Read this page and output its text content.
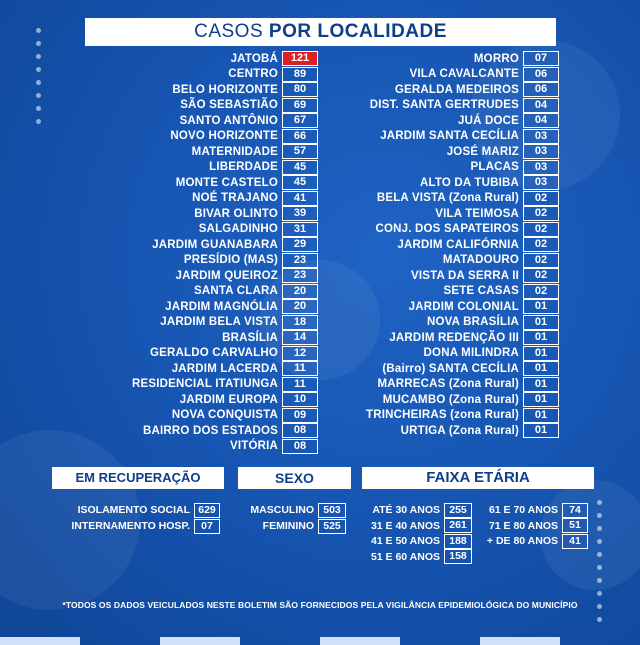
CASOS POR LOCALIDADE
JATOBÁ	121
CENTRO	89
BELO HORIZONTE	80
SÃO SEBASTIÃO	69
SANTO ANTÔNIO	67
NOVO HORIZONTE	66
MATERNIDADE	57
LIBERDADE	45
MONTE CASTELO	45
NOÉ TRAJANO	41
BIVAR OLINTO	39
SALGADINHO	31
JARDIM GUANABARA	29
PRESÍDIO (MAS)	23
JARDIM QUEIROZ	23
SANTA CLARA	20
JARDIM MAGNÓLIA	20
JARDIM BELA VISTA	18
BRASÍLIA	14
GERALDO CARVALHO	12
JARDIM LACERDA	11
RESIDENCIAL ITATIUNGA	11
JARDIM EUROPA	10
NOVA CONQUISTA	09
BAIRRO DOS ESTADOS	08
VITÓRIA	08
MORRO	07
VILA CAVALCANTE	06
GERALDA MEDEIROS	06
DIST. SANTA GERTRUDES	04
JUÁ DOCE	04
JARDIM SANTA CECÍLIA	03
JOSÉ MARIZ	03
PLACAS	03
ALTO DA TUBIBA	03
BELA VISTA (Zona Rural)	02
VILA TEIMOSA	02
CONJ. DOS SAPATEIROS	02
JARDIM CALIFÓRNIA	02
MATADOURO	02
VISTA DA SERRA II	02
SETE CASAS	02
JARDIM COLONIAL	01
NOVA BRASÍLIA	01
JARDIM REDENÇÃO III	01
DONA MILINDRA	01
(Bairro) SANTA CECÍLIA	01
MARRECAS (Zona Rural)	01
MUCAMBO (Zona Rural)	01
TRINCHEIRAS (zona Rural)	01
URTIGA (Zona Rural)	01
EM RECUPERAÇÃO
ISOLAMENTO SOCIAL 629
INTERNAMENTO HOSP.	07
SEXO
MASCULINO 503
FEMININO 525
FAIXA ETÁRIA
ATÉ 30 ANOS 255
31 E 40 ANOS 261
41 E 50 ANOS 188
51 E 60 ANOS 158
61 E 70 ANOS	74
71 E 80 ANOS	51
+ DE 80 ANOS	41
*TODOS OS DADOS VEICULADOS NESTE BOLETIM SÃO FORNECIDOS PELA VIGILÂNCIA EPIDEMIOLÓGICA DO MUNICÍPIO
